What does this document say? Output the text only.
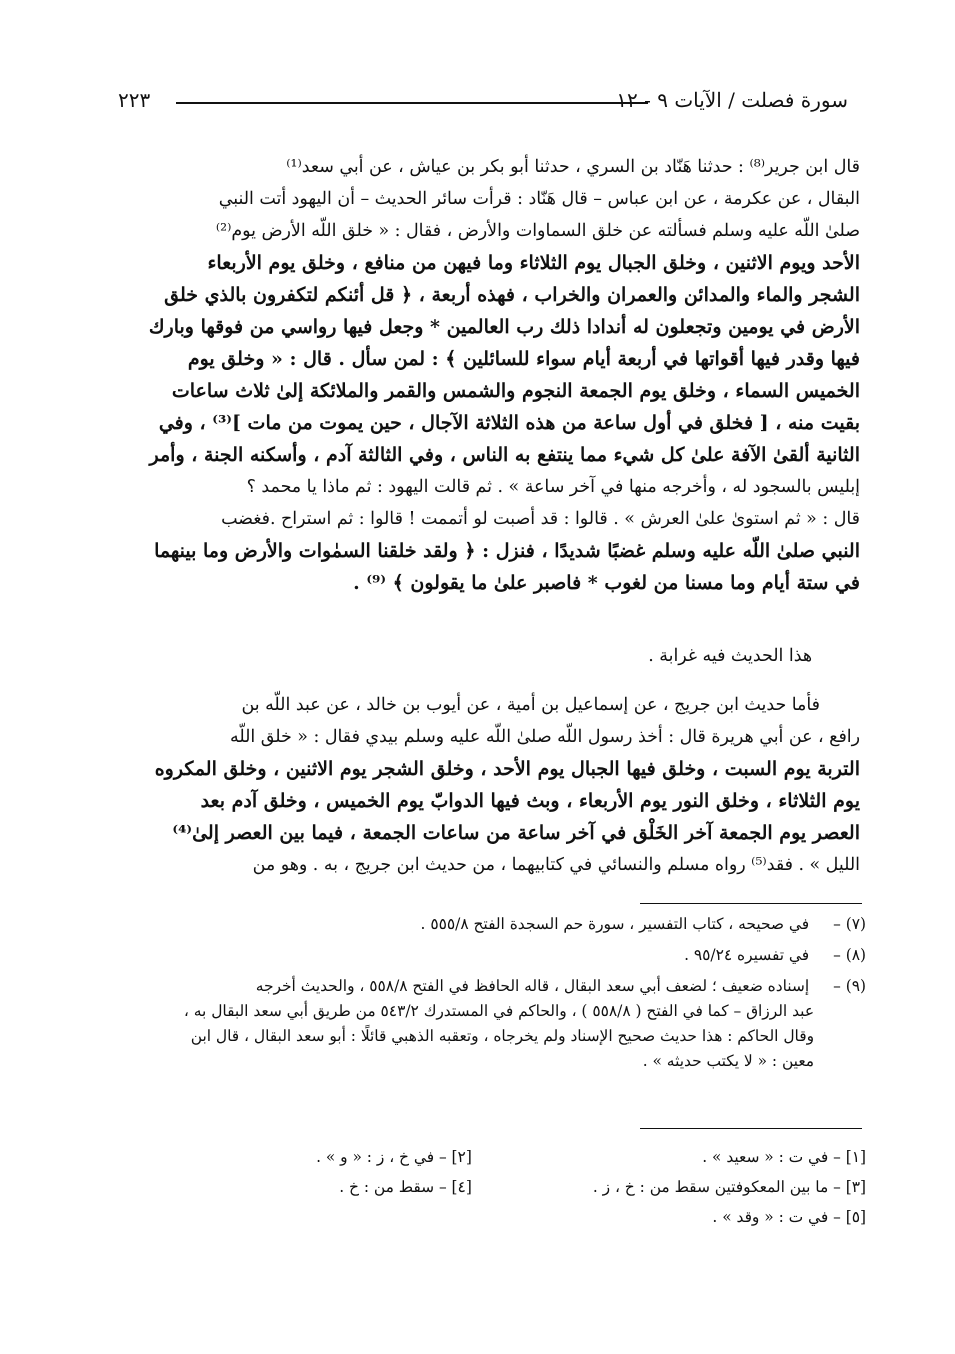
سورة فصلت / الآيات ٩ - ١٢
٢٢٣
قال ابن جرير⁽⁸⁾ : حدثنا هَنّاد بن السري ، حدثنا أبو بكر بن عياش ، عن أبي سعد⁽¹⁾
البقال ، عن عكرمة ، عن ابن عباس – قال هَنّاد : قرأت سائر الحديث – أن اليهود أتت النبي
صلىٰ اللّه عليه وسلم فسألته عن خلق السماوات والأرض ، فقال : « خلق اللّه الأرض يوم⁽²⁾
الأحد ويوم الاثنين ، وخلق الجبال يوم الثلاثاء وما فيهن من منافع ، وخلق يوم الأربعاء
الشجر والماء والمدائن والعمران والخراب ، فهذه أربعة ، ﴿ قل أئنكم لتكفرون بالذي خلق
الأرض في يومين وتجعلون له أندادا ذلك رب العالمين * وجعل فيها رواسي من فوقها وبارك
فيها وقدر فيها أقواتها في أربعة أيام سواء للسائلين ﴾ : لمن سأل . قال : « وخلق يوم
الخميس السماء ، وخلق يوم الجمعة النجوم والشمس والقمر والملائكة إلىٰ ثلاث ساعات
بقيت منه ، [ فخلق في أول ساعة من هذه الثلاثة الآجال ، حين يموت من مات ]⁽³⁾ ، وفي
الثانية ألقىٰ الآفة علىٰ كل شيء مما ينتفع به الناس ، وفي الثالثة آدم ، وأسكنه الجنة ، وأمر
إبليس بالسجود له ، وأخرجه منها في آخر ساعة » . ثم قالت اليهود : ثم ماذا يا محمد ؟
قال : « ثم استوىٰ علىٰ العرش » . قالوا : قد أصبت لو أتممت ! قالوا : ثم استراح .فغضب
النبي صلىٰ اللّه عليه وسلم غضبًا شديدًا ، فنزل : ﴿ ولقد خلقنا السمٰوات والأرض وما بينهما
في ستة أيام وما مسنا من لغوب * فاصبر علىٰ ما يقولون ﴾ ⁽⁹⁾ .
هذا الحديث فيه غرابة .
فأما حديث ابن جريج ، عن إسماعيل بن أمية ، عن أيوب بن خالد ، عن عبد اللّه بن
رافع ، عن أبي هريرة قال : أخذ رسول اللّه صلىٰ اللّه عليه وسلم بيدي فقال : « خلق اللّه
التربة يوم السبت ، وخلق فيها الجبال يوم الأحد ، وخلق الشجر يوم الاثنين ، وخلق المكروه
يوم الثلاثاء ، وخلق النور يوم الأربعاء ، وبث فيها الدوابّ يوم الخميس ، وخلق آدم بعد
العصر يوم الجمعة آخر الخَلْق في آخر ساعة من ساعات الجمعة ، فيما بين العصر إلىٰ⁽⁴⁾
الليل » . فقد⁽⁵⁾ رواه مسلم والنسائي في كتابيهما ، من حديث ابن جريج ، به . وهو من
(٧) – في صحيحه ، كتاب التفسير ، سورة حم السجدة الفتح ٥٥٥/٨ .
(٨) – في تفسيره ٩٥/٢٤ .
(٩) – إسناده ضعيف ؛ لضعف أبي سعد البقال ، قاله الحافظ في الفتح ٥٥٨/٨ ، والحديث أخرجه
عبد الرزاق – كما في الفتح ( ٥٥٨/٨ ) ، والحاكم في المستدرك ٥٤٣/٢ من طريق أبي سعد البقال به ،
وقال الحاكم : هذا حديث صحيح الإسناد ولم يخرجاه ، وتعقبه الذهبي قائلًا : أبو سعد البقال ، قال ابن
معين : « لا يكتب حديثه » .
[١] – في ت : « سعيد » .
[٢] – في خ ، ز : « و » .
[٣] – ما بين المعكوفتين سقط من : خ ، ز .
[٤] – سقط من : خ .
[٥] – في ت : « وقد » .
